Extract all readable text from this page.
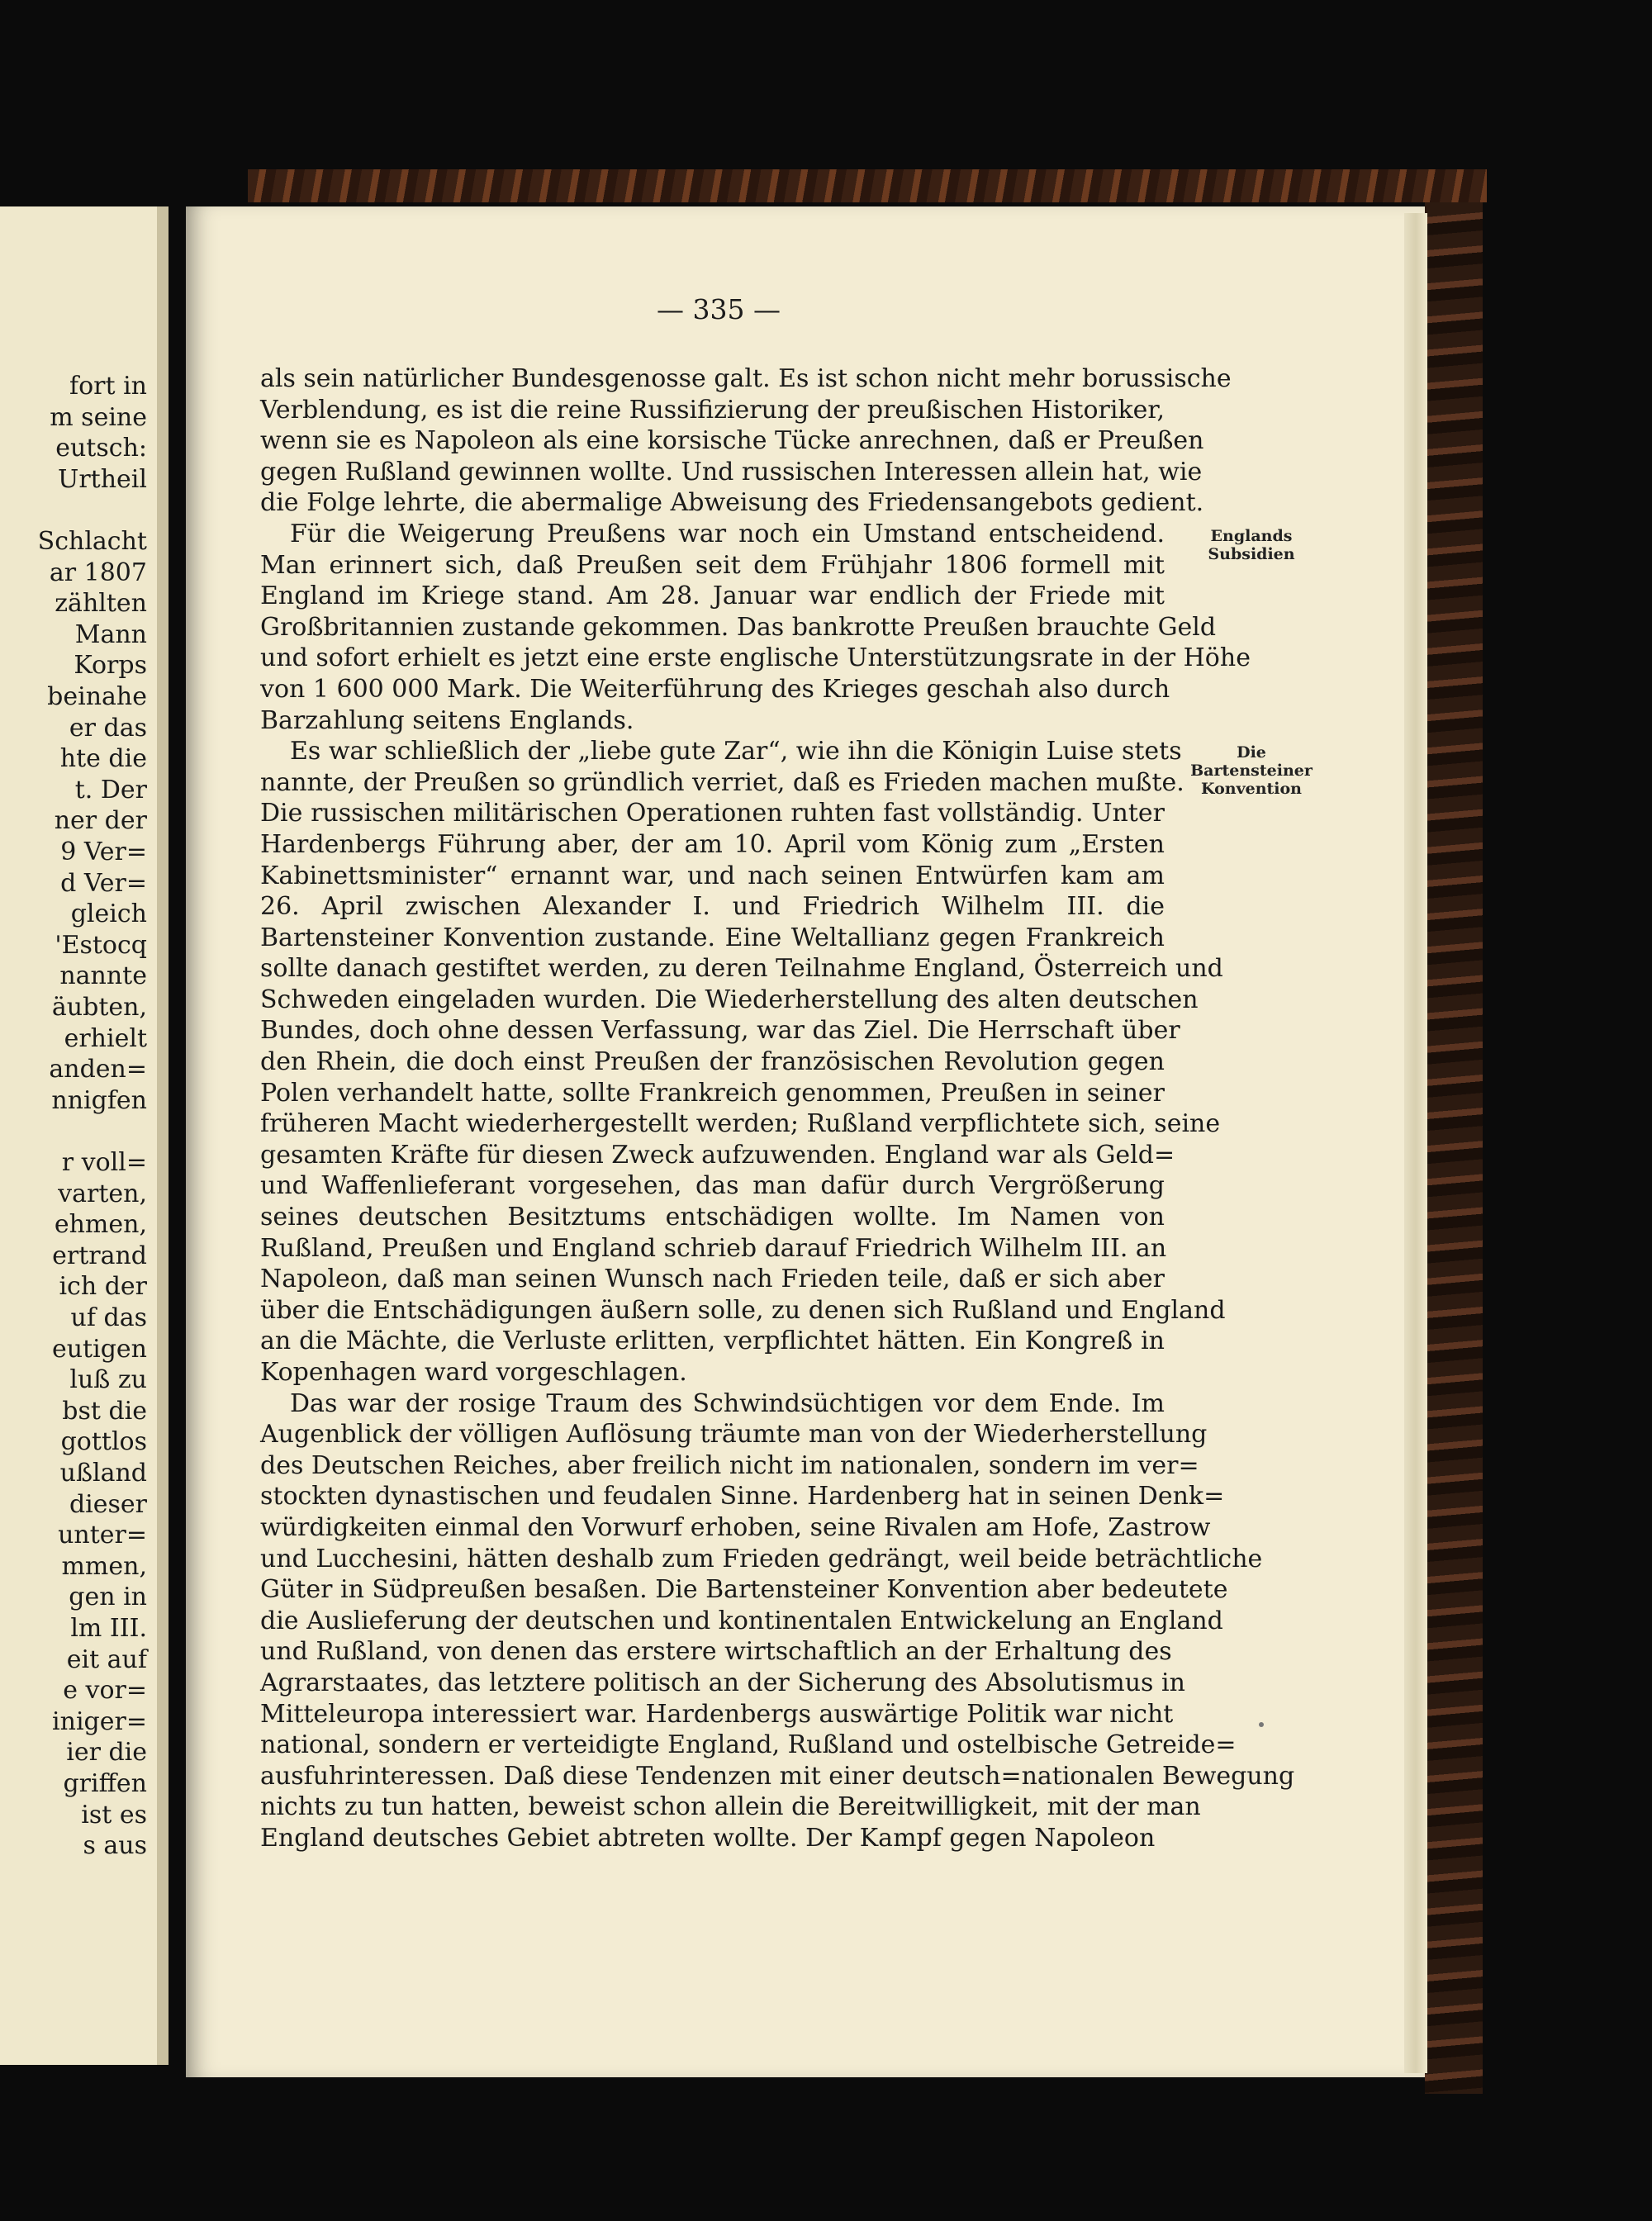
fort in

m seine

eutsch:

Urtheil

Schlacht

ar 1807

zählten

Mann

Korps

beinahe

er das

hte die

t. Der

ner der

9 Ver=

d Ver=

gleich

'Estocq

nannte

äubten,

erhielt

anden=

nnigfen

r voll=

varten,

ehmen,

ertrand

ich der

uf das

eutigen

luß zu

bst die

gottlos

ußland

dieser

unter=

mmen,

gen in

lm III.

eit auf

e vor=

iniger=

ier die

griffen

ist es

s aus

— 335 —

als sein natürlicher Bundesgenosse galt. Es ist schon nicht mehr borussische
Verblendung, es ist die reine Russifizierung der preußischen Historiker,
wenn sie es Napoleon als eine korsische Tücke anrechnen, daß er Preußen
gegen Rußland gewinnen wollte. Und russischen Interessen allein hat, wie
die Folge lehrte, die abermalige Abweisung des Friedensangebots gedient.
Für die Weigerung Preußens war noch ein Umstand entscheidend.
Man erinnert sich, daß Preußen seit dem Frühjahr 1806 formell mit
England im Kriege stand. Am 28. Januar war endlich der Friede mit
Großbritannien zustande gekommen. Das bankrotte Preußen brauchte Geld
und sofort erhielt es jetzt eine erste englische Unterstützungsrate in der Höhe
von 1 600 000 Mark. Die Weiterführung des Krieges geschah also durch
Barzahlung seitens Englands.
Es war schließlich der „liebe gute Zar“, wie ihn die Königin Luise stets
nannte, der Preußen so gründlich verriet, daß es Frieden machen mußte.
Die russischen militärischen Operationen ruhten fast vollständig. Unter
Hardenbergs Führung aber, der am 10. April vom König zum „Ersten
Kabinettsminister“ ernannt war, und nach seinen Entwürfen kam am
26. April zwischen Alexander I. und Friedrich Wilhelm III. die
Bartensteiner Konvention zustande. Eine Weltallianz gegen Frankreich
sollte danach gestiftet werden, zu deren Teilnahme England, Österreich und
Schweden eingeladen wurden. Die Wiederherstellung des alten deutschen
Bundes, doch ohne dessen Verfassung, war das Ziel. Die Herrschaft über
den Rhein, die doch einst Preußen der französischen Revolution gegen
Polen verhandelt hatte, sollte Frankreich genommen, Preußen in seiner
früheren Macht wiederhergestellt werden; Rußland verpflichtete sich, seine
gesamten Kräfte für diesen Zweck aufzuwenden. England war als Geld=
und Waffenlieferant vorgesehen, das man dafür durch Vergrößerung
seines deutschen Besitztums entschädigen wollte. Im Namen von
Rußland, Preußen und England schrieb darauf Friedrich Wilhelm III. an
Napoleon, daß man seinen Wunsch nach Frieden teile, daß er sich aber
über die Entschädigungen äußern solle, zu denen sich Rußland und England
an die Mächte, die Verluste erlitten, verpflichtet hätten. Ein Kongreß in
Kopenhagen ward vorgeschlagen.
Das war der rosige Traum des Schwindsüchtigen vor dem Ende. Im
Augenblick der völligen Auflösung träumte man von der Wiederherstellung
des Deutschen Reiches, aber freilich nicht im nationalen, sondern im ver=
stockten dynastischen und feudalen Sinne. Hardenberg hat in seinen Denk=
würdigkeiten einmal den Vorwurf erhoben, seine Rivalen am Hofe, Zastrow
und Lucchesini, hätten deshalb zum Frieden gedrängt, weil beide beträchtliche
Güter in Südpreußen besaßen. Die Bartensteiner Konvention aber bedeutete
die Auslieferung der deutschen und kontinentalen Entwickelung an England
und Rußland, von denen das erstere wirtschaftlich an der Erhaltung des
Agrarstaates, das letztere politisch an der Sicherung des Absolutismus in
Mitteleuropa interessiert war. Hardenbergs auswärtige Politik war nicht
national, sondern er verteidigte England, Rußland und ostelbische Getreide=
ausfuhrinteressen. Daß diese Tendenzen mit einer deutsch=nationalen Bewegung
nichts zu tun hatten, beweist schon allein die Bereitwilligkeit, mit der man
England deutsches Gebiet abtreten wollte. Der Kampf gegen Napoleon
Englands
Subsidien
Die
Bartensteiner
Konvention
